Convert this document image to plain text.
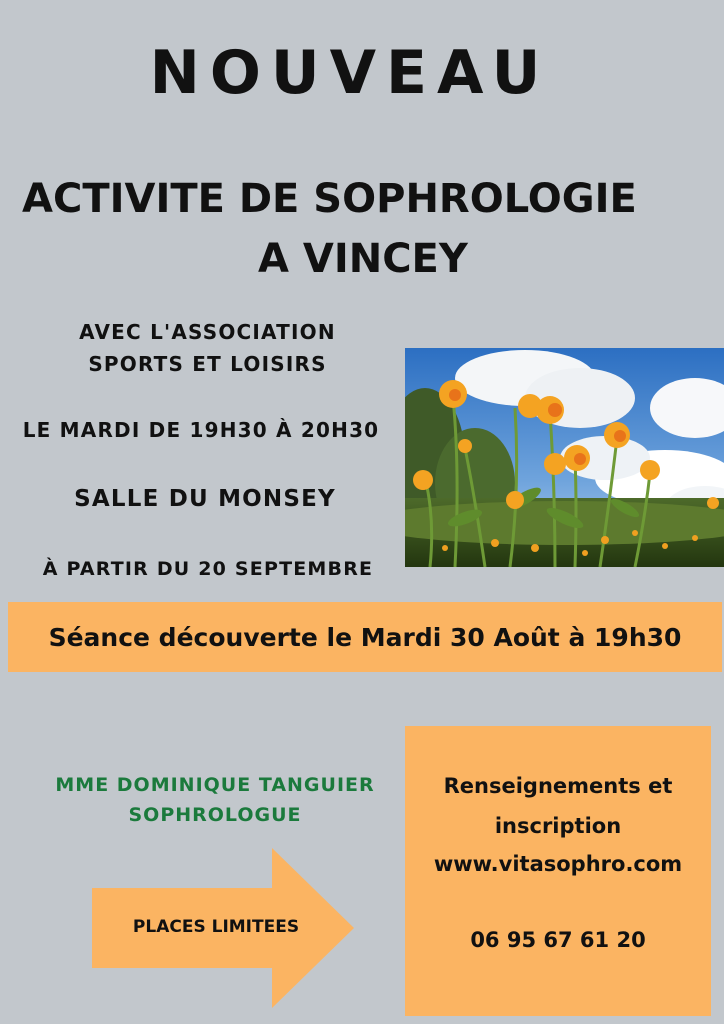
NOUVEAU
ACTIVITE DE SOPHROLOGIE
A VINCEY
AVEC L'ASSOCIATION
SPORTS ET LOISIRS
LE MARDI DE 19H30 À 20H30
SALLE DU MONSEY
À PARTIR DU 20 SEPTEMBRE
Séance découverte le Mardi 30 Août à 19h30
MME DOMINIQUE TANGUIER
SOPHROLOGUE
PLACES LIMITEES
Renseignements et
inscription
www.vitasophro.com
06 95 67 61 20
